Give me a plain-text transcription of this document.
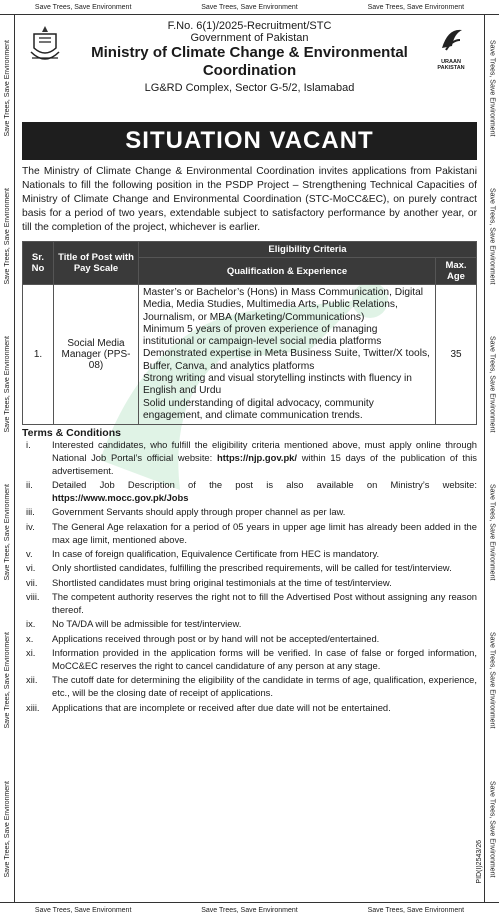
Save Trees, Save Environment	Save Trees, Save Environment	Save Trees, Save Environment
Save Trees, Save Environment	Save Trees, Save Environment	Save Trees, Save Environment
Save Trees, Save Environment
Save Trees, Save Environment
Save Trees, Save Environment
Save Trees, Save Environment
Save Trees, Save Environment
Save Trees, Save Environment
Save Trees, Save Environment
Save Trees, Save Environment
Save Trees, Save Environment
Save Trees, Save Environment
Save Trees, Save Environment
Save Trees, Save Environment
URAAN PAKISTAN
F.No. 6(1)/2025-Recruitment/STC
Government of Pakistan
Ministry of Climate Change & Environmental Coordination
LG&RD Complex, Sector G-5/2, Islamabad
SITUATION VACANT
The Ministry of Climate Change & Environmental Coordination invites applications from Pakistani Nationals to fill the following position in the PSDP Project – Strengthening Technical Capacities of Ministry of Climate Change and Environmental Coordination (STC-MoCC&EC), on purely contract basis for a period of two years, extendable subject to satisfactory performance by another year, or till the completion of the project, whichever is earlier.
Sr. No	Title of Post with Pay Scale	Eligibility Criteria	
		Qualification & Experience	Max. Age
1.	Social Media Manager (PPS-08)	Master’s or Bachelor’s (Hons) in Mass Communication, Digital Media, Media Studies, Multimedia Arts, Public Relations, Journalism, or MBA (Marketing/Communications)

Minimum 5 years of proven experience of managing institutional or campaign-level social media platforms

Demonstrated expertise in Meta Business Suite, Twitter/X tools, Buffer, Canva, and analytics platforms

Strong writing and visual storytelling instincts with fluency in English and Urdu

Solid understanding of digital advocacy, community engagement, and climate communication trends.	35
Terms & Conditions
i.	Interested candidates, who fulfill the eligibility criteria mentioned above, must apply online through National Job Portal’s official website: https://njp.gov.pk/ within 15 days of the publication of this advertisement.
ii.	Detailed Job Description of the post is also available on Ministry’s website: https://www.mocc.gov.pk/Jobs
iii.	Government Servants should apply through proper channel as per law.
iv.	The General Age relaxation for a period of 05 years in upper age limit has already been added in the max age limit, mentioned above.
v.	In case of foreign qualification, Equivalence Certificate from HEC is mandatory.
vi.	Only shortlisted candidates, fulfilling the prescribed requirements, will be called for test/interview.
vii.	Shortlisted candidates must bring original testimonials at the time of test/interview.
viii.	The competent authority reserves the right not to fill the Advertised Post without assigning any reason thereof.
ix.	No TA/DA will be admissible for test/interview.
x.	Applications received through post or by hand will not be accepted/entertained.
xi.	Information provided in the application forms will be verified. In case of false or forged information, MoCC&EC reserves the right to cancel candidature of any person at any stage.
xii.	The cutoff date for determining the eligibility of the candidate in terms of age, qualification, experience, etc., will be the closing date of receipt of applications.
xiii.	Applications that are incomplete or received after due date will not be entertained.
PID(I)2543/26
